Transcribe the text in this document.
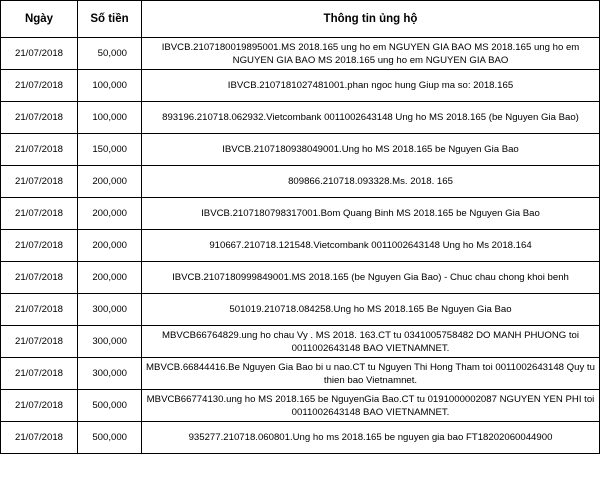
Ngày	Số tiền	Thông tin ủng hộ
21/07/2018	50,000	IBVCB.2107180019895001.MS 2018.165 ung ho em NGUYEN GIA BAO MS 2018.165 ung ho em NGUYEN GIA BAO MS 2018.165 ung ho em NGUYEN GIA BAO
21/07/2018	100,000	IBVCB.2107181027481001.phan ngoc hung Giup ma so: 2018.165
21/07/2018	100,000	893196.210718.062932.Vietcombank 0011002643148 Ung ho MS 2018.165 (be Nguyen Gia Bao)
21/07/2018	150,000	IBVCB.2107180938049001.Ung ho MS 2018.165 be Nguyen Gia Bao
21/07/2018	200,000	809866.210718.093328.Ms. 2018. 165
21/07/2018	200,000	IBVCB.2107180798317001.Bom Quang Binh MS 2018.165 be Nguyen Gia Bao
21/07/2018	200,000	910667.210718.121548.Vietcombank 0011002643148 Ung ho Ms 2018.164
21/07/2018	200,000	IBVCB.2107180999849001.MS 2018.165 (be Nguyen Gia Bao) - Chuc chau chong khoi benh
21/07/2018	300,000	501019.210718.084258.Ung ho MS 2018.165 Be Nguyen Gia Bao
21/07/2018	300,000	MBVCB66764829.ung ho chau Vy . MS 2018. 163.CT tu 0341005758482 DO MANH PHUONG toi 0011002643148 BAO VIETNAMNET.
21/07/2018	300,000	MBVCB.66844416.Be Nguyen Gia Bao bi u nao.CT tu Nguyen Thi Hong Tham toi 0011002643148 Quy tu thien bao Vietnamnet.
21/07/2018	500,000	MBVCB66774130.ung ho MS 2018.165 be NguyenGia Bao.CT tu 0191000002087 NGUYEN YEN PHI toi 0011002643148 BAO VIETNAMNET.
21/07/2018	500,000	935277.210718.060801.Ung ho ms 2018.165 be nguyen gia bao FT18202060044900
